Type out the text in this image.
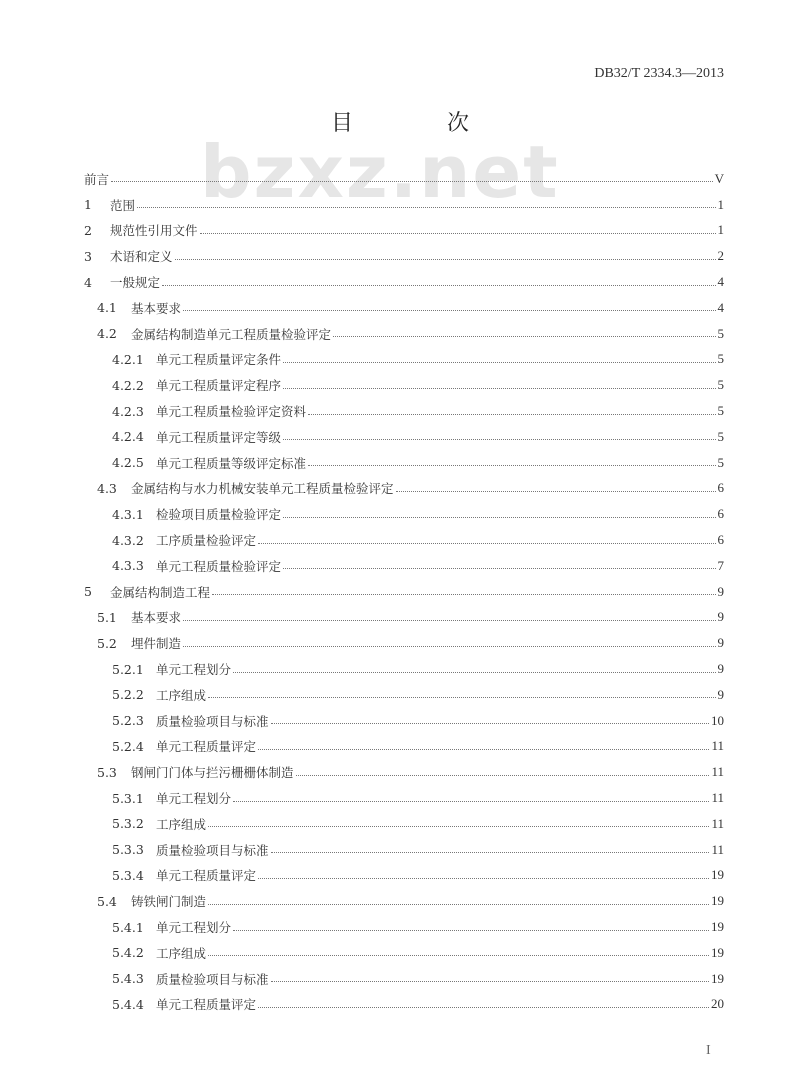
DB32/T 2334.3—2013
bzxz.net
目　次
前言	V
1	范围	1
2	规范性引用文件	1
3	术语和定义	2
4	一般规定	4
4.1	基本要求	4
4.2	金属结构制造单元工程质量检验评定	5
4.2.1 单元工程质量评定条件	5
4.2.2 单元工程质量评定程序	5
4.2.3 单元工程质量检验评定资料	5
4.2.4 单元工程质量评定等级	5
4.2.5 单元工程质量等级评定标准	5
4.3	金属结构与水力机械安装单元工程质量检验评定	6
4.3.1 检验项目质量检验评定	6
4.3.2 工序质量检验评定	6
4.3.3 单元工程质量检验评定	7
5	金属结构制造工程	9
5.1	基本要求	9
5.2	埋件制造	9
5.2.1 单元工程划分	9
5.2.2 工序组成	9
5.2.3 质量检验项目与标准	10
5.2.4 单元工程质量评定	11
5.3	钢闸门门体与拦污栅栅体制造	11
5.3.1 单元工程划分	11
5.3.2 工序组成	11
5.3.3 质量检验项目与标准	11
5.3.4 单元工程质量评定	19
5.4	铸铁闸门制造	19
5.4.1 单元工程划分	19
5.4.2 工序组成	19
5.4.3 质量检验项目与标准	19
5.4.4 单元工程质量评定	20
I
